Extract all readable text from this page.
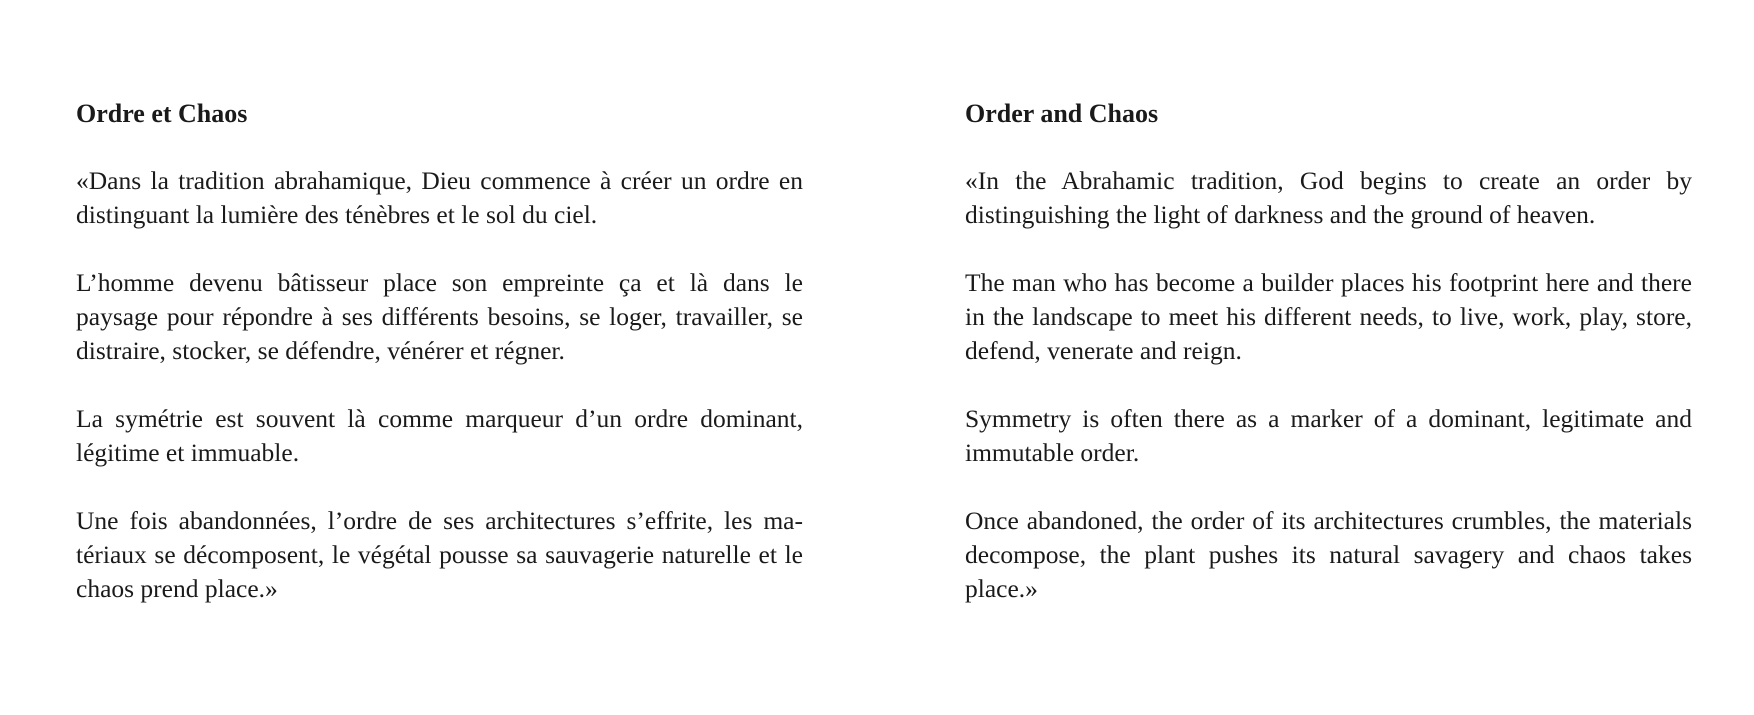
Ordre et Chaos

«Dans la tradition abrahamique, Dieu commence à créer un ordre en distinguant la lumière des ténèbres et le sol du ciel.

L’homme devenu bâtisseur place son empreinte ça et là dans le paysage pour répondre à ses différents besoins, se loger, travailler, se distraire, stocker, se défendre, vénérer et régner.

La symétrie est souvent là comme marqueur d’un ordre dominant, légitime et immuable.

Une fois abandonnées, l’ordre de ses architectures s’effrite, les matériaux se décomposent, le végétal pousse sa sauvagerie naturelle et le chaos prend place.»

Order and Chaos

«In the Abrahamic tradition, God begins to create an order by distinguishing the light of darkness and the ground of heaven.

The man who has become a builder places his footprint here and there in the landscape to meet his different needs, to live, work, play, store, defend, venerate and reign.

Symmetry is often there as a marker of a dominant, legitimate and immutable order.

Once abandoned, the order of its architectures crumbles, the materials decompose, the plant pushes its natural savagery and chaos takes place.»
